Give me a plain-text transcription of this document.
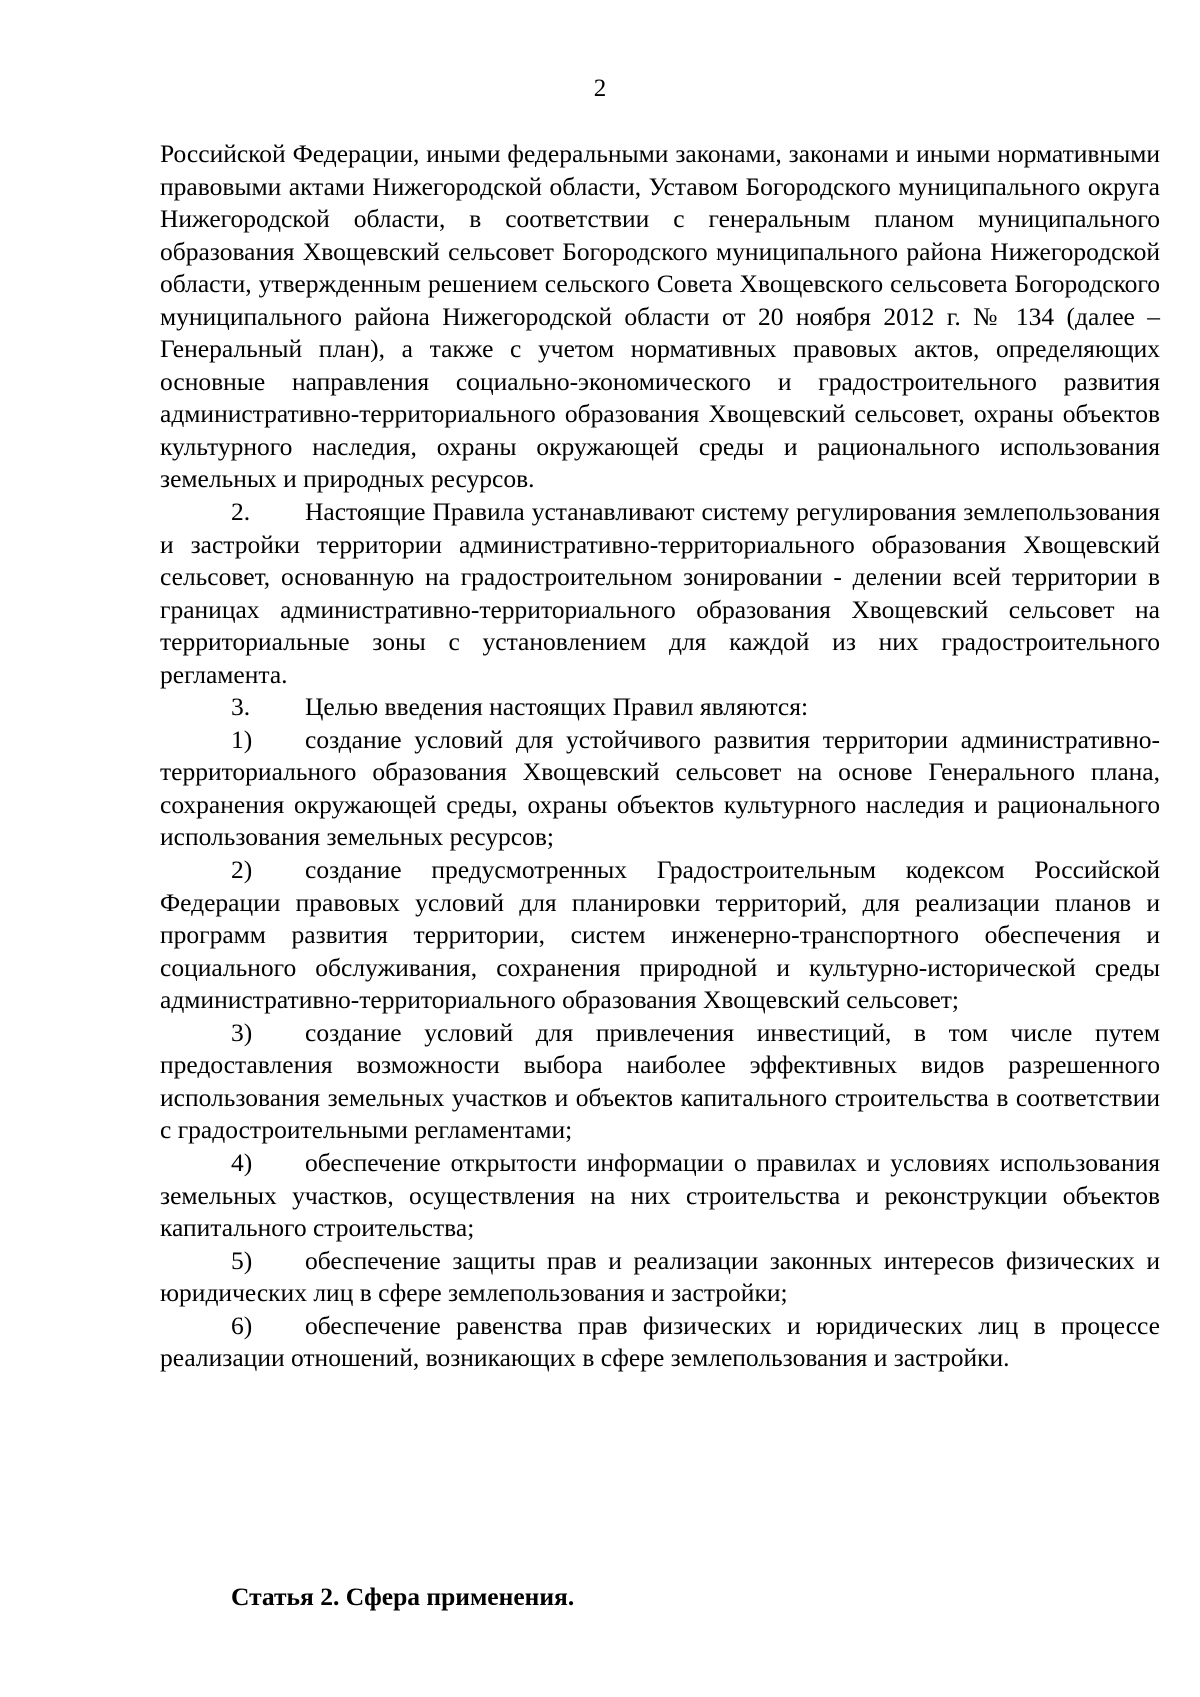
2

Российской Федерации, иными федеральными законами, законами и иными нормативными правовыми актами Нижегородской области, Уставом Богородского муниципального округа Нижегородской области, в соответствии с генеральным планом муниципального образования Хвощевский сельсовет Богородского муниципального района Нижегородской области, утвержденным решением сельского Совета Хвощевского сельсовета Богородского муниципального района Нижегородской области от 20 ноября 2012 г. № 134 (далее – Генеральный план), а также с учетом нормативных правовых актов, определяющих основные направления социально-экономического и градостроительного развития административно-территориального образования Хвощевский сельсовет, охраны объектов культурного наследия, охраны окружающей среды и рационального использования земельных и природных ресурсов.

2. Настоящие Правила устанавливают систему регулирования землепользования и застройки территории административно-территориального образования Хвощевский сельсовет, основанную на градостроительном зонировании - делении всей территории в границах административно-территориального образования Хвощевский сельсовет на территориальные зоны с установлением для каждой из них градостроительного регламента.

3. Целью введения настоящих Правил являются:

1) создание условий для устойчивого развития территории административно-территориального образования Хвощевский сельсовет на основе Генерального плана, сохранения окружающей среды, охраны объектов культурного наследия и рационального использования земельных ресурсов;

2) создание предусмотренных Градостроительным кодексом Российской Федерации правовых условий для планировки территорий, для реализации планов и программ развития территории, систем инженерно-транспортного обеспечения и социального обслуживания, сохранения природной и культурно-исторической среды административно-территориального образования Хвощевский сельсовет;

3) создание условий для привлечения инвестиций, в том числе путем предоставления возможности выбора наиболее эффективных видов разрешенного использования земельных участков и объектов капитального строительства в соответствии с градостроительными регламентами;

4) обеспечение открытости информации о правилах и условиях использования земельных участков, осуществления на них строительства и реконструкции объектов капитального строительства;

5) обеспечение защиты прав и реализации законных интересов физических и юридических лиц в сфере землепользования и застройки;

6) обеспечение равенства прав физических и юридических лиц в процессе реализации отношений, возникающих в сфере землепользования и застройки.

Статья 2. Сфера применения.
